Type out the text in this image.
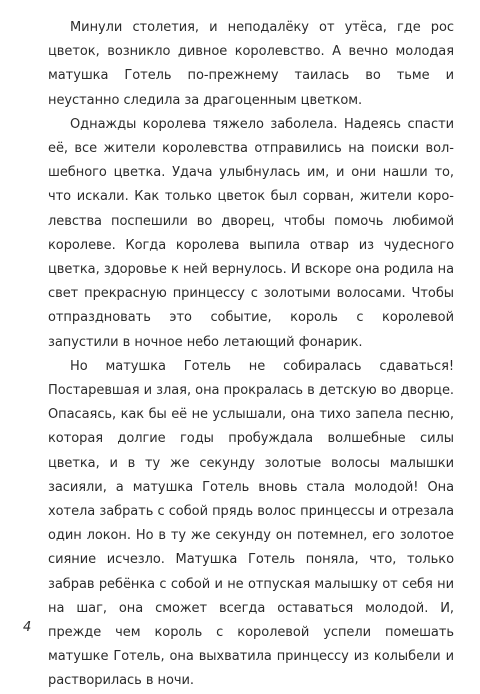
Минули столетия, и неподалёку от утёса, где рос цветок, возникло дивное королевство. А вечно молодая матушка Готель по-прежнему таилась во тьме и неустанно следила за драгоценным цветком.

Однажды королева тяжело заболела. Надеясь спасти её, все жители королевства отправились на поиски волшебного цветка. Удача улыбнулась им, и они нашли то, что искали. Как только цветок был сорван, жители королевства поспешили во дворец, чтобы помочь любимой королеве. Когда королева выпила отвар из чудесного цветка, здоровье к ней вернулось. И вскоре она родила на свет прекрасную принцессу с золотыми волосами. Чтобы отпраздновать это событие, король с королевой запустили в ночное небо летающий фонарик.

Но матушка Готель не собиралась сдаваться! Постаревшая и злая, она прокралась в детскую во дворце. Опасаясь, как бы её не услышали, она тихо запела песню, которая долгие годы пробуждала волшебные силы цветка, и в ту же секунду золотые волосы малышки засияли, а матушка Готель вновь стала молодой! Она хотела забрать с собой прядь волос принцессы и отрезала один локон. Но в ту же секунду он потемнел, его золотое сияние исчезло. Матушка Готель поняла, что, только забрав ребёнка с собой и не отпуская малышку от себя ни на шаг, она сможет всегда оставаться молодой. И, прежде чем король с королевой успели помешать матушке Готель, она выхватила принцессу из колыбели и растворилась в ночи.

4
